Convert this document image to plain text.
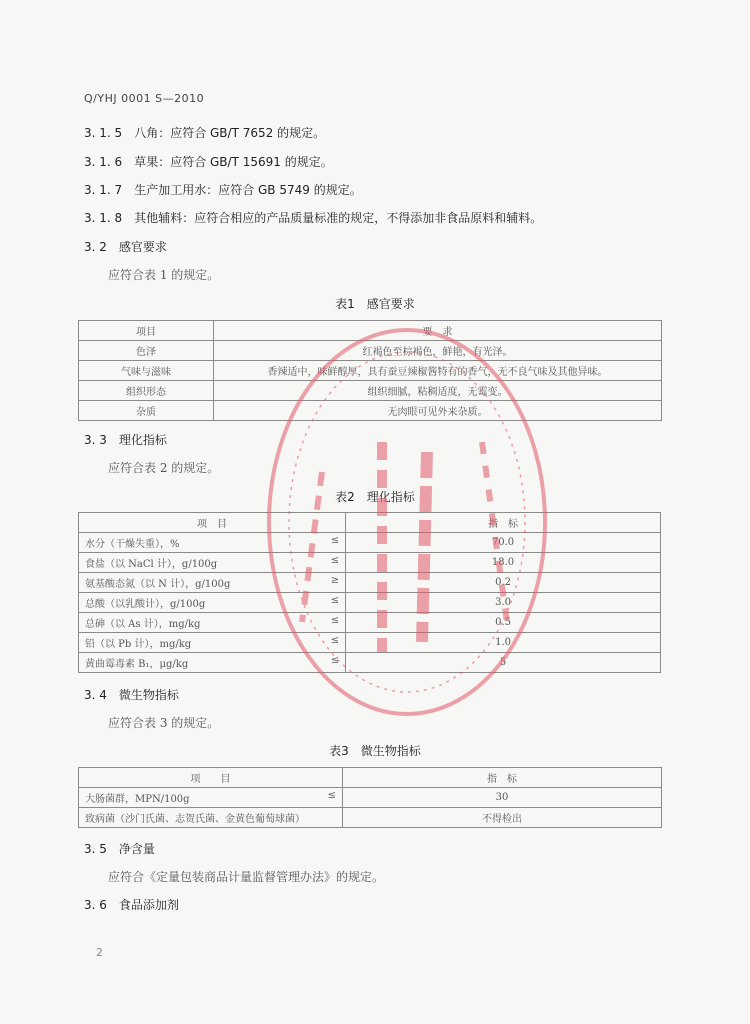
Q/YHJ 0001 S—2010
3. 1. 5　 八角：应符合 GB/T 7652 的规定。
3. 1. 6　 草果：应符合 GB/T 15691 的规定。
3. 1. 7　 生产加工用水：应符合 GB 5749 的规定。
3. 1. 8　 其他辅料：应符合相应的产品质量标准的规定，不得添加非食品原料和辅料。
3. 2　 感官要求
应符合表 1 的规定。
表1　感官要求
项目	要　求
色泽	红褐色至棕褐色，鲜艳，有光泽。
气味与滋味	香辣适中，味鲜醇厚，具有蚕豆辣椒酱特有的香气，无不良气味及其他异味。
组织形态	组织细腻，粘稠适度，无霉变。
杂质	无肉眼可见外来杂质。
3. 3　 理化指标
应符合表 2 的规定。
表2　理化指标
项　目	指　标
水分（干燥失重），% ≤	70.0
食盐（以 NaCl 计），g/100g ≤	18.0
氨基酸态氮（以 N 计），g/100g ≥	0.2
总酸（以乳酸计），g/100g ≤	3.0
总砷（以 As 计），mg/kg ≤	0.5
铅（以 Pb 计），mg/kg ≤	1.0
黄曲霉毒素 B₁，μg/kg ≤	5
3. 4　 微生物指标
应符合表 3 的规定。
表3　微生物指标
项　　目	指　标
大肠菌群，MPN/100g ≤	30
致病菌（沙门氏菌、志贺氏菌、金黄色葡萄球菌）	不得检出
3. 5　 净含量
应符合《定量包装商品计量监督管理办法》的规定。
3. 6　 食品添加剂
2
